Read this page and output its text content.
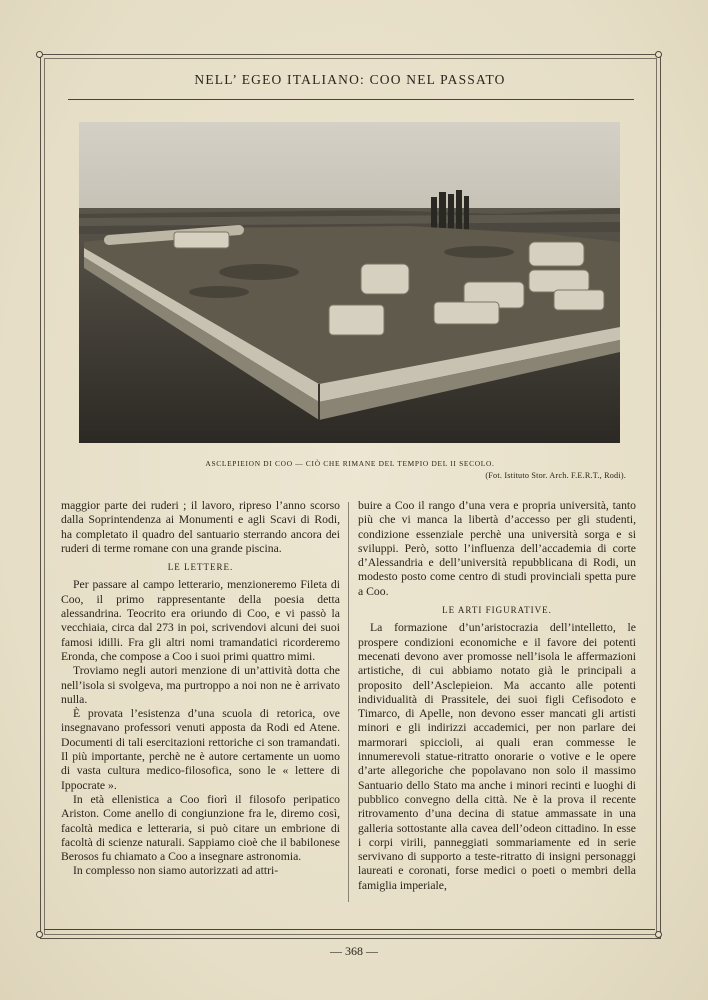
NELL’ EGEO ITALIANO: COO NEL PASSATO
ASCLEPIEION DI COO — CIÒ CHE RIMANE DEL TEMPIO DEL II SECOLO.
(Fot. Istituto Stor. Arch. F.E.R.T., Rodi).

maggior parte dei ruderi ; il lavoro, ripreso l’anno scorso dalla Soprintendenza ai Monumenti e agli Scavi di Rodi, ha completato il quadro del santuario sterrando ancora dei ruderi di terme romane con una grande piscina.

LE LETTERE.

Per passare al campo letterario, menzioneremo Fileta di Coo, il primo rappresentante della poesia detta alessandrina. Teocrito era oriundo di Coo, e vi passò la vecchiaia, circa dal 273 in poi, scrivendovi alcuni dei suoi famosi idilli. Fra gli altri nomi tramandatici ricorderemo Eronda, che compose a Coo i suoi primi quattro mimi.

Troviamo negli autori menzione di un’attività dotta che nell’isola si svolgeva, ma purtroppo a noi non ne è arrivato nulla.

È provata l’esistenza d’una scuola di retorica, ove insegnavano professori venuti apposta da Rodi ed Atene. Documenti di tali esercitazioni rettoriche ci son tramandati. Il più importante, perchè ne è autore certamente un uomo di vasta cultura medico-filosofica, sono le « lettere di Ippocrate ».

In età ellenistica a Coo fiorì il filosofo peripatico Ariston. Come anello di congiunzione fra le, diremo così, facoltà medica e letteraria, si può citare un embrione di facoltà di scienze naturali. Sappiamo cioè che il babilonese Berosos fu chiamato a Coo a insegnare astronomia.

In complesso non siamo autorizzati ad attri-

buire a Coo il rango d’una vera e propria università, tanto più che vi manca la libertà d’accesso per gli studenti, condizione essenziale perchè una università sorga e si sviluppi. Però, sotto l’influenza dell’accademia di corte d’Alessandria e dell’università repubblicana di Rodi, un modesto posto come centro di studi provinciali spetta pure a Coo.

LE ARTI FIGURATIVE.

La formazione d’un’aristocrazia dell’intelletto, le prospere condizioni economiche e il favore dei potenti mecenati devono aver promosse nell’isola le affermazioni artistiche, di cui abbiamo notato già le principali a proposito dell’Asclepieion. Ma accanto alle potenti individualità di Prassitele, dei suoi figli Cefisodoto e Timarco, di Apelle, non devono esser mancati gli artisti minori e gli indirizzi accademici, per non parlare dei marmorari spiccioli, ai quali eran commesse le innumerevoli statue-ritratto onorarie o votive e le opere d’arte allegoriche che popolavano non solo il massimo Santuario dello Stato ma anche i minori recinti e luoghi di pubblico convegno della città. Ne è la prova il recente ritrovamento d’una decina di statue ammassate in una galleria sottostante alla cavea dell’odeon cittadino. In esse i corpi virili, panneggiati sommariamente ed in serie servivano di supporto a teste-ritratto di insigni personaggi laureati e coronati, forse medici o poeti o membri della famiglia imperiale,

— 368 —
